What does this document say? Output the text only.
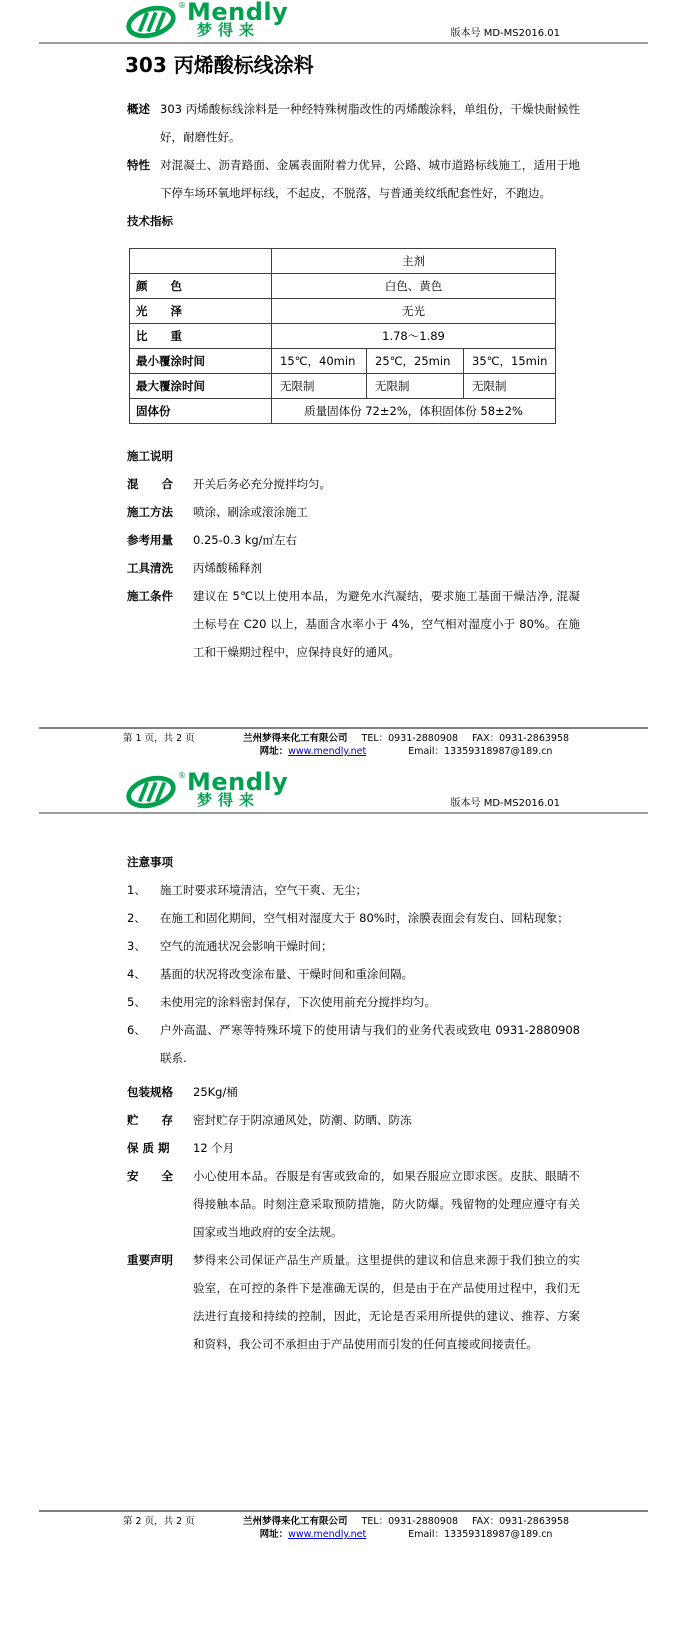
® Mendly
梦得来	版本号 MD-MS2016.01
303 丙烯酸标线涂料
概述 303 丙烯酸标线涂料是一种经特殊树脂改性的丙烯酸涂料，单组份，干燥快耐候性好，耐磨性好。
特性 对混凝土、沥青路面、金属表面附着力优异，公路、城市道路标线施工，适用于地下停车场环氧地坪标线，不起皮，不脱落，与普通美纹纸配套性好，不跑边。
技术指标
	主剂		
颜　　色	白色、黄色		
光　　泽	无光		
比　　重	1.78～1.89		
最小覆涂时间	15℃，40min	25℃，25min	35℃，15min
最大覆涂时间	无限制	无限制	无限制
固体份	质量固体份 72±2%，体积固体份 58±2%		
施工说明
混　　合	开关后务必充分搅拌均匀。
施工方法	喷涂、刷涂或滚涂施工
参考用量	0.25-0.3 kg/㎡左右
工具清洗	丙烯酸稀释剂
施工条件	建议在 5℃以上使用本品，为避免水汽凝结，要求施工基面干燥洁净, 混凝土标号在 C20 以上，基面含水率小于 4%，空气相对湿度小于 80%。在施工和干燥期过程中，应保持良好的通风。
第 1 页，共 2 页	兰州梦得来化工有限公司 TEL：0931-2880908 FAX：0931-2863958
网址：www.mendly.net	Email：13359318987@189.cn
® Mendly
梦得来	版本号 MD-MS2016.01
注意事项
1、	施工时要求环境清洁，空气干爽、无尘；
2、	在施工和固化期间，空气相对湿度大于 80%时，涂膜表面会有发白、回粘现象；
3、	空气的流通状况会影响干燥时间；
4、	基面的状况将改变涂布量、干燥时间和重涂间隔。
5、	未使用完的涂料密封保存，下次使用前充分搅拌均匀。
6、	户外高温、严寒等特殊环境下的使用请与我们的业务代表或致电 0931-2880908 联系.
包装规格	25Kg/桶
贮　　存	密封贮存于阴凉通风处，防潮、防晒、防冻
保 质 期	12 个月
安　　全	小心使用本品。吞服是有害或致命的，如果吞服应立即求医。皮肤、眼睛不得接触本品。时刻注意采取预防措施，防火防爆。残留物的处理应遵守有关国家或当地政府的安全法规。
重要声明	梦得来公司保证产品生产质量。这里提供的建议和信息来源于我们独立的实验室，在可控的条件下是准确无误的，但是由于在产品使用过程中，我们无法进行直接和持续的控制，因此，无论是否采用所提供的建议、推荐、方案和资料，我公司不承担由于产品使用而引发的任何直接或间接责任。
第 2 页，共 2 页	兰州梦得来化工有限公司 TEL：0931-2880908 FAX：0931-2863958
网址：www.mendly.net	Email：13359318987@189.cn
